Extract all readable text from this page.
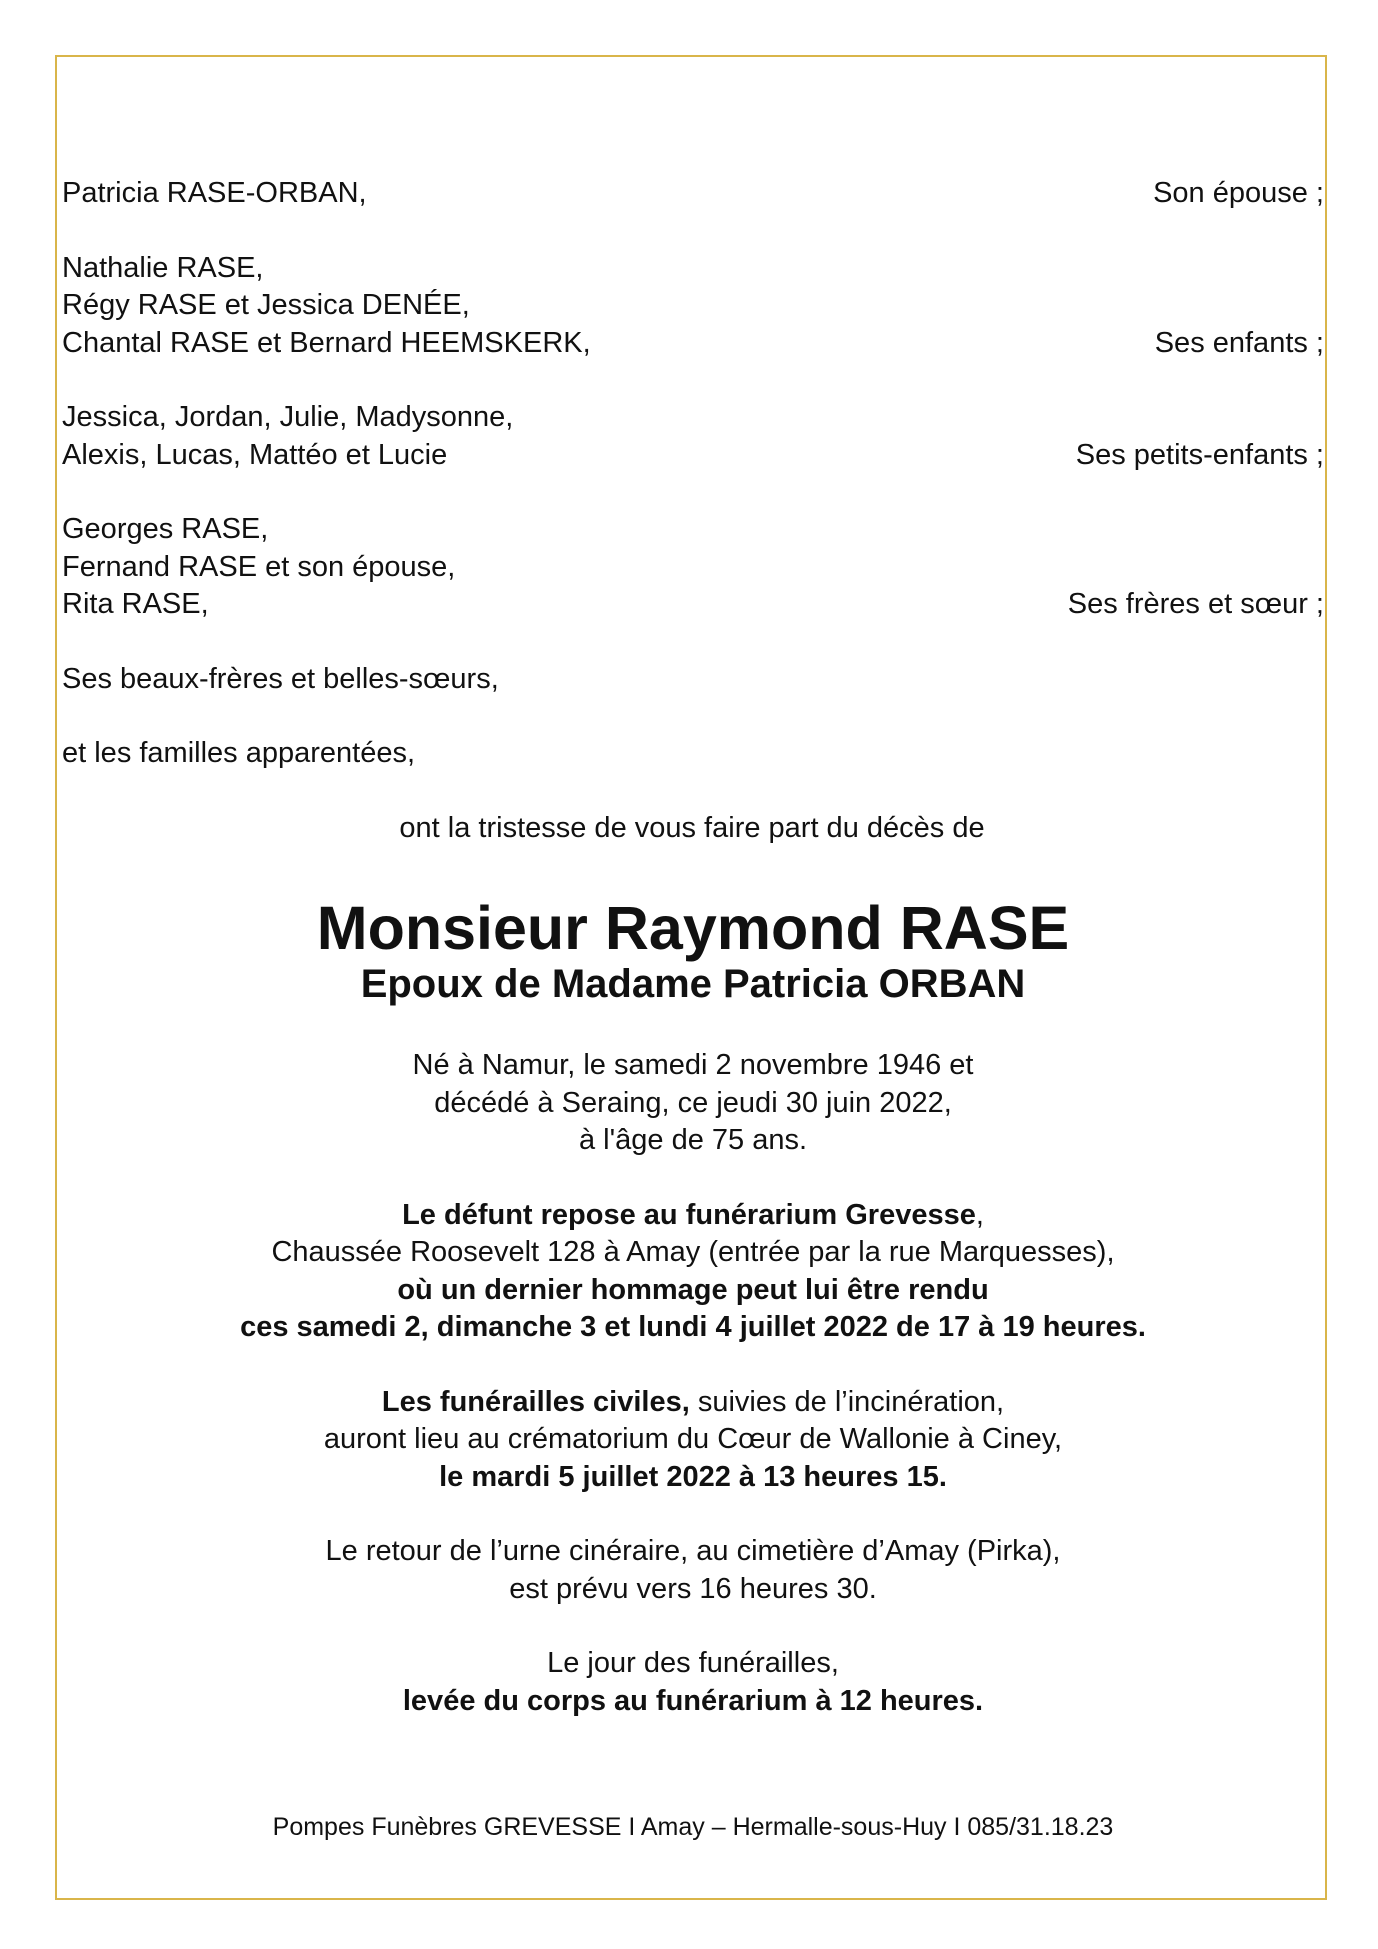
Patricia RASE-ORBAN,	Son épouse ;
Nathalie RASE,
Régy RASE et Jessica DENÉE,
Chantal RASE et Bernard HEEMSKERK,	Ses enfants ;
Jessica, Jordan, Julie, Madysonne,
Alexis, Lucas, Mattéo et Lucie	Ses petits-enfants ;
Georges RASE,
Fernand RASE et son épouse,
Rita RASE,	Ses frères et sœur ;
Ses beaux-frères et belles-sœurs,
et les familles apparentées,
ont la tristesse de vous faire part du décès de
Monsieur Raymond RASE
Epoux de Madame Patricia ORBAN
Né à Namur, le samedi 2 novembre 1946 et
décédé à Seraing, ce jeudi 30 juin 2022,
à l'âge de 75 ans.
Le défunt repose au funérarium Grevesse,
Chaussée Roosevelt 128 à Amay (entrée par la rue Marquesses),
où un dernier hommage peut lui être rendu
ces samedi 2, dimanche 3 et lundi 4 juillet 2022 de 17 à 19 heures.
Les funérailles civiles, suivies de l’incinération,
auront lieu au crématorium du Cœur de Wallonie à Ciney,
le mardi 5 juillet 2022 à 13 heures 15.
Le retour de l’urne cinéraire, au cimetière d’Amay (Pirka),
est prévu vers 16 heures 30.
Le jour des funérailles,
levée du corps au funérarium à 12 heures.
Pompes Funèbres GREVESSE I Amay – Hermalle-sous-Huy I 085/31.18.23
